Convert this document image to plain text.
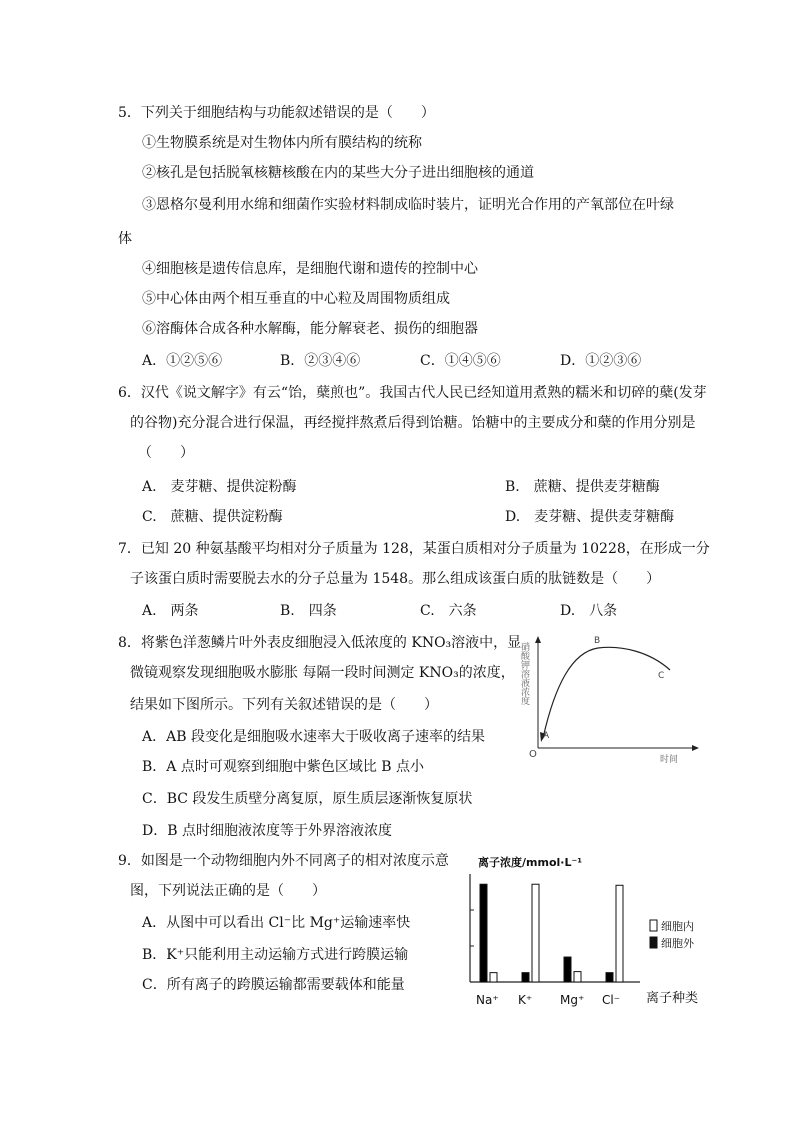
5．下列关于细胞结构与功能叙述错误的是（　　）
①生物膜系统是对生物体内所有膜结构的统称
②核孔是包括脱氧核糖核酸在内的某些大分子进出细胞核的通道
③恩格尔曼利用水绵和细菌作实验材料制成临时装片，证明光合作用的产氧部位在叶绿
体
④细胞核是遗传信息库，是细胞代谢和遗传的控制中心
⑤中心体由两个相互垂直的中心粒及周围物质组成
⑥溶酶体合成各种水解酶，能分解衰老、损伤的细胞器
A．①②⑤⑥	B．②③④⑥	C．①④⑤⑥	D．①②③⑥
6．汉代《说文解字》有云“饴，蘖煎也”。我国古代人民已经知道用煮熟的糯米和切碎的蘖(发芽
的谷物)充分混合进行保温，再经搅拌熬煮后得到饴糖。饴糖中的主要成分和蘖的作用分别是
（　　）
A.　麦芽糖、提供淀粉酶	B.　蔗糖、提供麦芽糖酶
C.　蔗糖、提供淀粉酶	D.　麦芽糖、提供麦芽糖酶
7．已知 20 种氨基酸平均相对分子质量为 128，某蛋白质相对分子质量为 10228，在形成一分
子该蛋白质时需要脱去水的分子总量为 1548。那么组成该蛋白质的肽链数是（　　）
A.　两条	B.　四条	C.　六条	D.　八条
8．将紫色洋葱鳞片叶外表皮细胞浸入低浓度的 KNO₃溶液中，显
微镜观察发现细胞吸水膨胀 每隔一段时间测定 KNO₃的浓度，
结果如下图所示。下列有关叙述错误的是（　　）
A．AB 段变化是细胞吸水速率大于吸收离子速率的结果
B．A 点时可观察到细胞中紫色区域比 B 点小
C．BC 段发生质壁分离复原，原生质层逐渐恢复原状
D．B 点时细胞液浓度等于外界溶液浓度
O
A
B
C
时间
硝酸钾溶液浓度
9．如图是一个动物细胞内外不同离子的相对浓度示意
图，下列说法正确的是（　　）
A．从图中可以看出 Cl⁻比 Mg⁺运输速率快
B．K⁺只能利用主动运输方式进行跨膜运输
C．所有离子的跨膜运输都需要载体和能量
离子浓度/mmol·L⁻¹
Na⁺ K⁺ Mg⁺ Cl⁻ 离子种类
细胞内
细胞外
